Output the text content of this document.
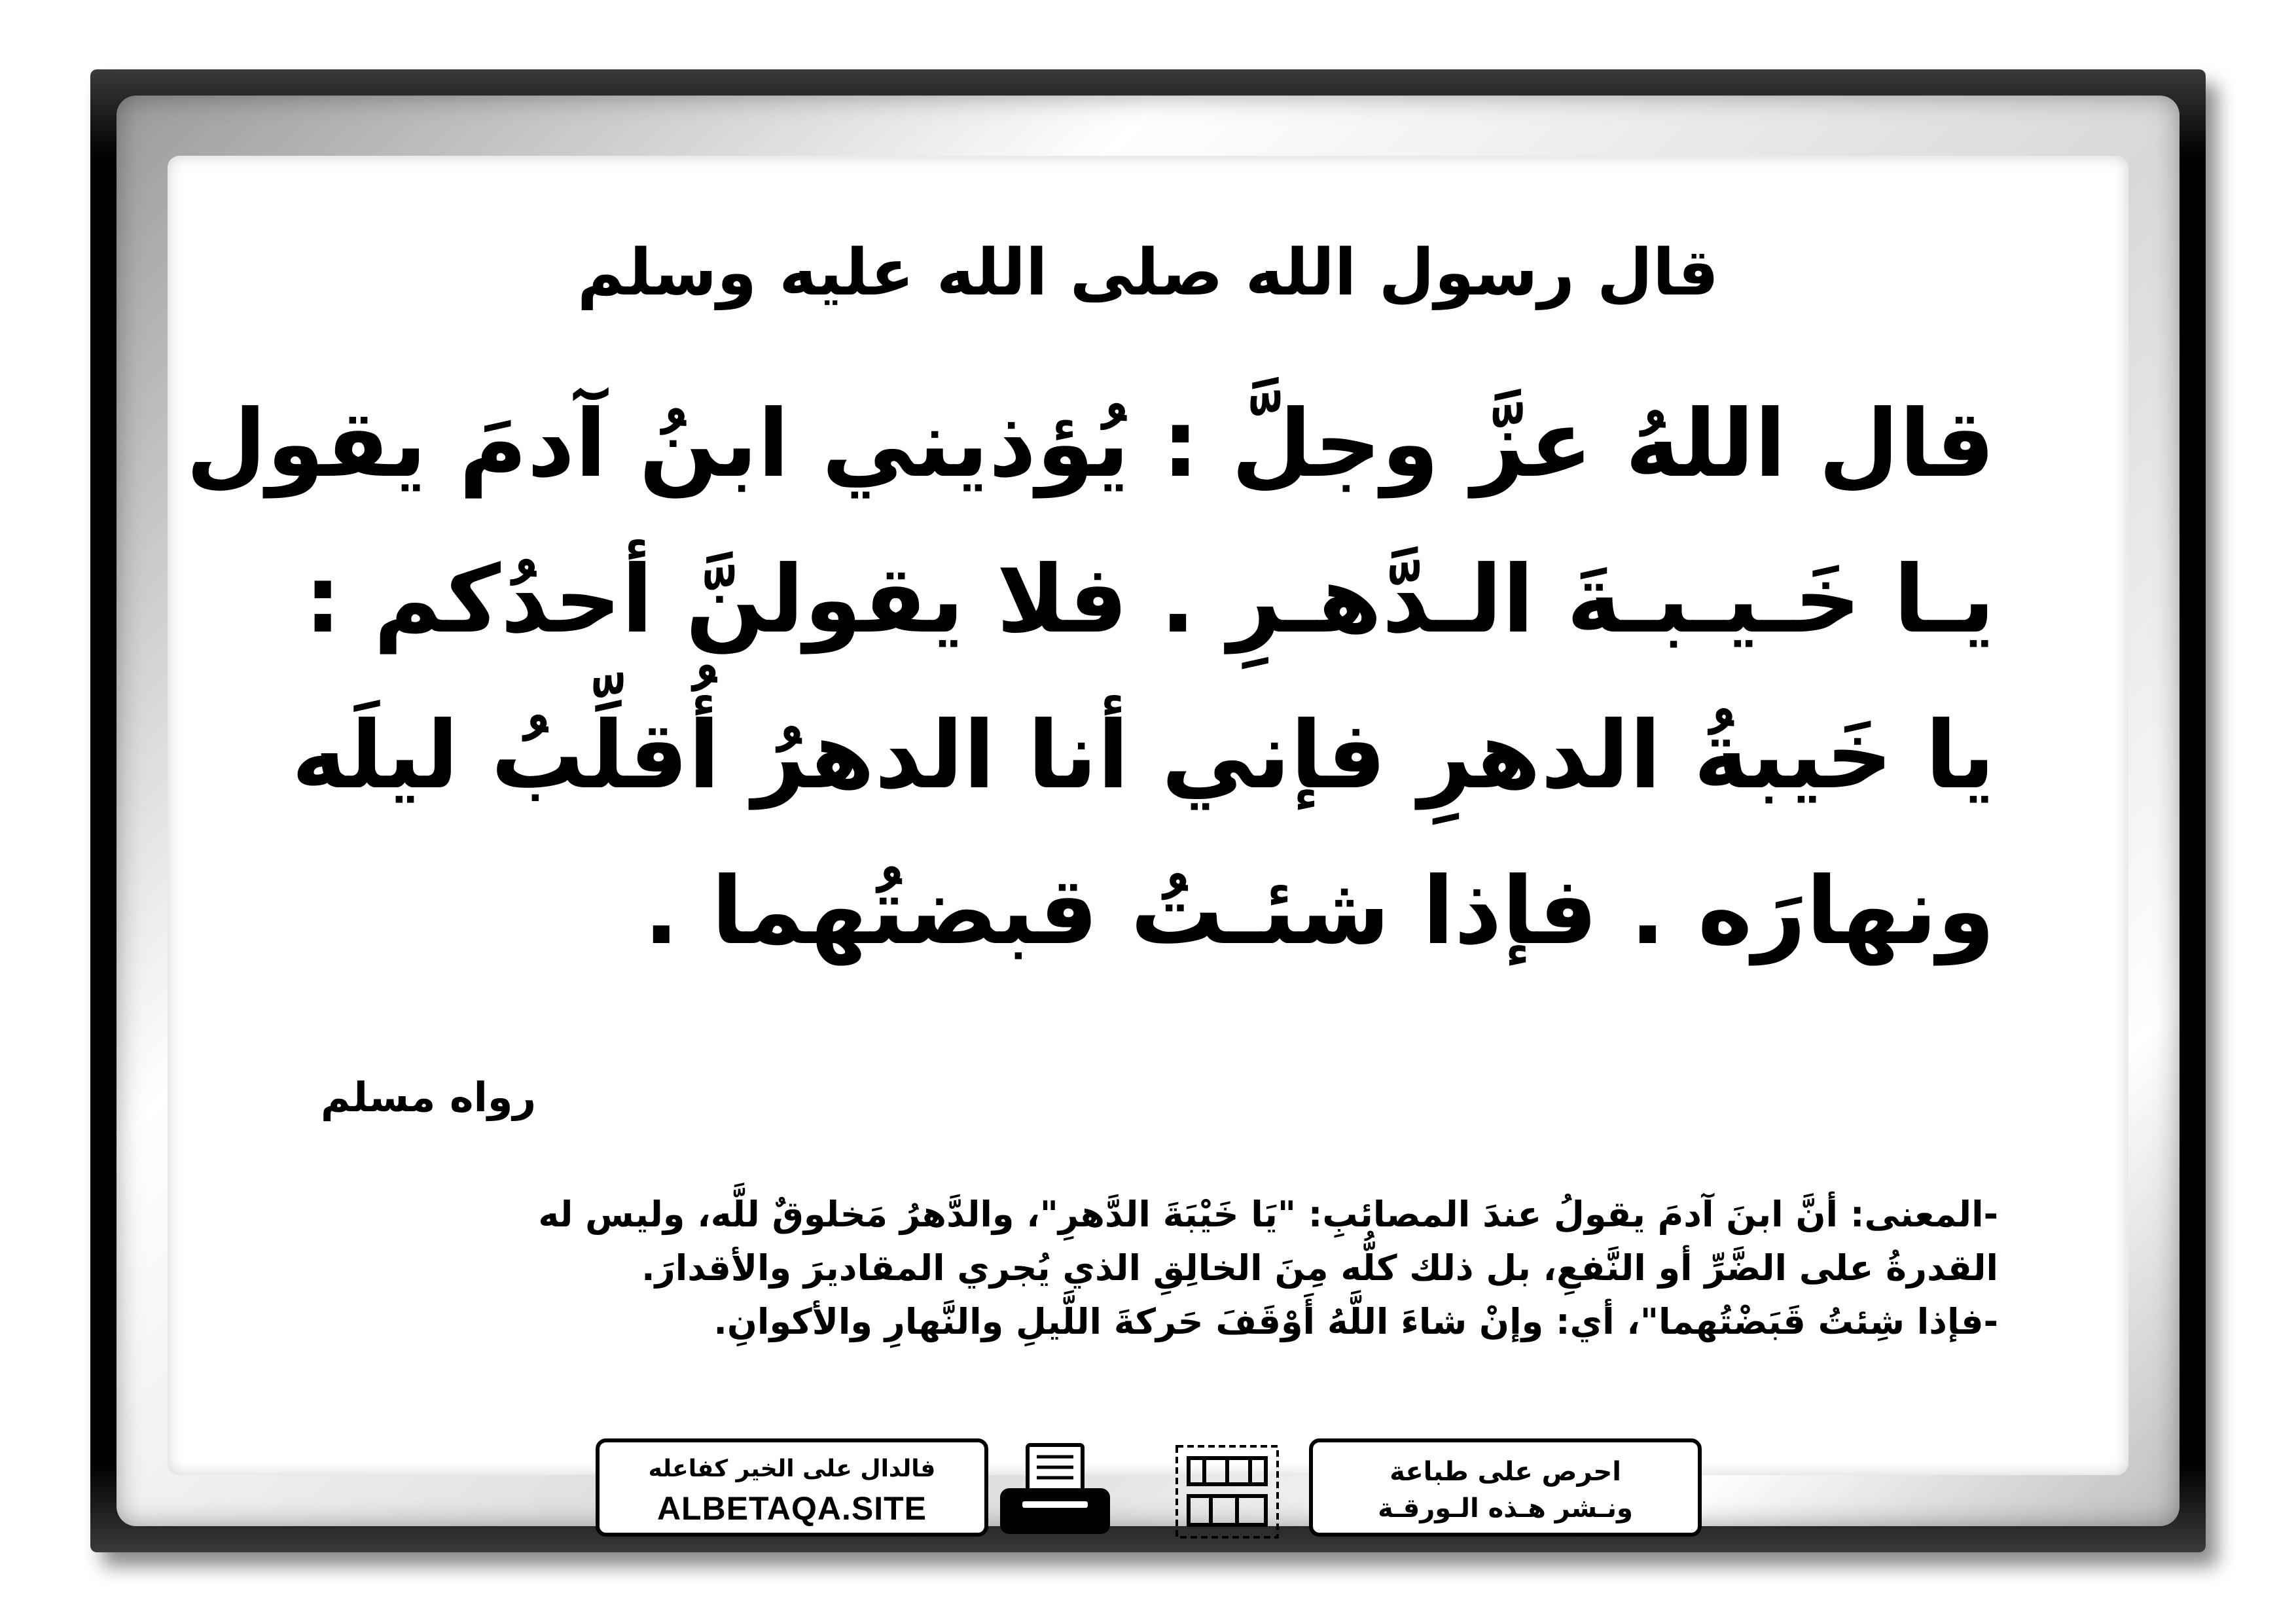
قال رسول الله صلى الله عليه وسلم
قال اللهُ عزَّ وجلَّ : يُؤذيني ابنُ آدمَ يقول
يـا خَـيـبـةَ الـدَّهـرِ . فلا يقولنَّ أحدُكم :
يا خَيبةُ الدهرِ فإني أنا الدهرُ أُقلِّبُ ليلَه
ونهارَه . فإذا شئـتُ قبضتُهما .
رواه مسلم
-المعنى: أنَّ ابنَ آدمَ يقولُ عندَ المصائبِ: "يَا خَيْبَةَ الدَّهرِ"، والدَّهرُ مَخلوقٌ للَّه، وليس له
القدرةُ على الضَّرِّ أو النَّفعِ، بل ذلك كلُّه مِنَ الخالِقِ الذي يُجري المقاديرَ والأقدارَ.
-فإذا شِئتُ قَبَضْتُهما"، أي: وإنْ شاءَ اللَّهُ أَوْقَفَ حَركةَ اللَّيلِ والنَّهارِ والأكوانِ.
فالدال على الخير كفاعله
ALBETAQA.SITE
احرص على طباعة
ونـشر هـذه الـورقـة
